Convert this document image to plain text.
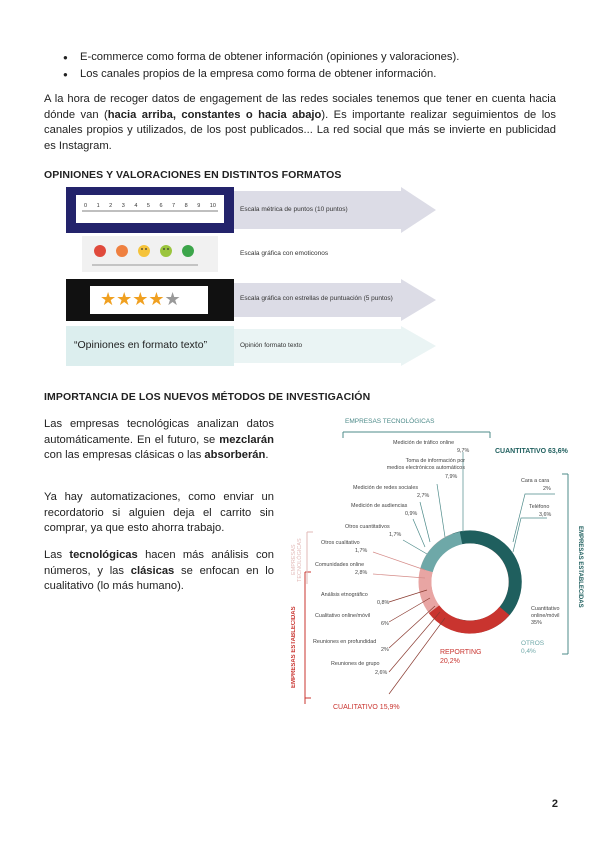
● E-commerce como forma de obtener información (opiniones y valoraciones).
● Los canales propios de la empresa como forma de obtener información.
A la hora de recoger datos de engagement de las redes sociales tenemos que tener en cuenta hacia dónde van (hacia arriba, constantes o hacia abajo). Es importante realizar seguimientos de los canales propios y utilizados, de los post publicados... La red social que más se invierte en publicidad es Instagram.
OPINIONES Y VALORACIONES EN DISTINTOS FORMATOS
0 1 2 3 4 5 6 7 8 9 10	Escala métrica de puntos (10 puntos)
Escala gráfica con emoticonos
★★★★★	Escala gráfica con estrellas de puntuación (5 puntos)
“Opiniones en formato texto”	Opinión formato texto
IMPORTANCIA DE LOS NUEVOS MÉTODOS DE INVESTIGACIÓN
Las empresas tecnológicas analizan datos automáticamente. En el futuro, se mezclarán con las empresas clásicas o las absorberán.
Ya hay automatizaciones, como enviar un recordatorio si alguien deja el carrito sin comprar, ya que esto ahorra trabajo.
Las tecnológicas hacen más análisis con números, y las clásicas se enfocan en lo cualitativo (lo más humano).
EMPRESAS TECNOLÓGICAS
Medición de tráfico online
9,7%	CUANTITATIVO 63,6%
Toma de información por
medios electrónicos automáticos
7,9%
Medición de redes sociales
2,7%
Medición de audiencias
0,9%
Otros cuantitativos
1,7%
Otros cualitativo
1,7%
Comunidades online
2,8%
Análisis etnográfico
0,8%
Cualitativo online/móvil
6%
Reuniones en profundidad
2%
Reuniones de grupo
2,6%
CUALITATIVO 15,9%
REPORTING
20,2%
OTROS
0,4%
Cara a cara
2%
Teléfono
3,6%
Cuantitativo
online/móvil
35%
EMPRESAS ESTABLECIDAS
EMPRESAS TECNOLÓGICAS
EMPRESAS ESTABLECIDAS
2
